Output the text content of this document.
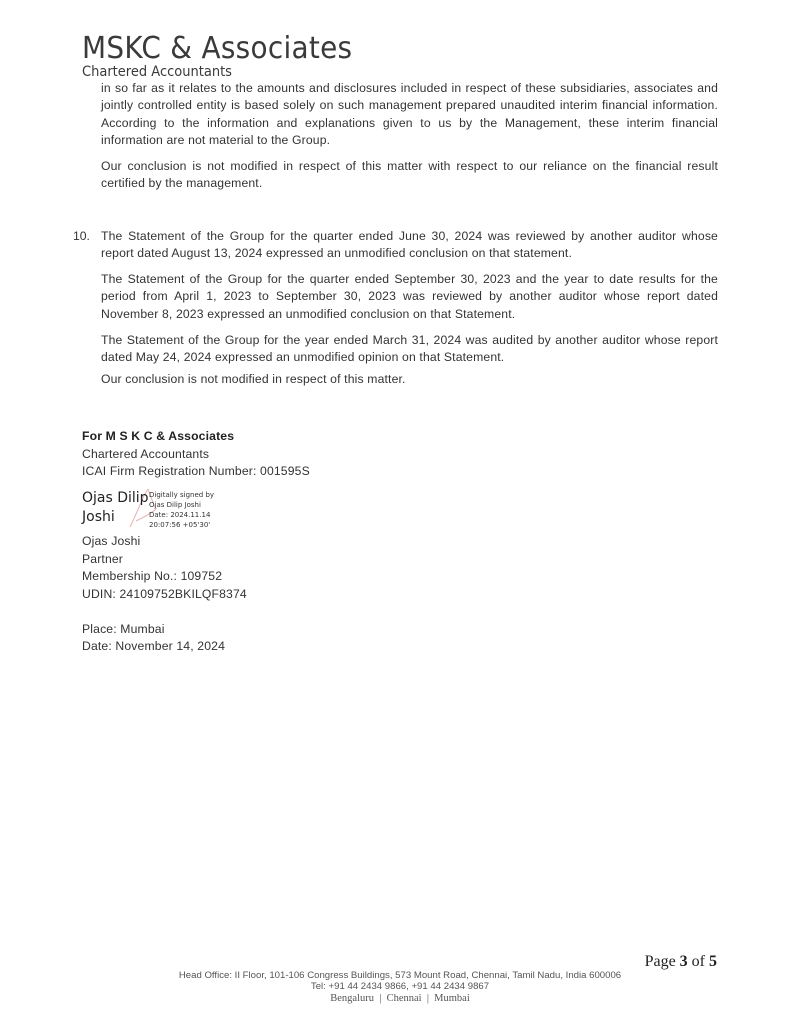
MSKC & Associates
Chartered Accountants

in so far as it relates to the amounts and disclosures included in respect of these subsidiaries, associates and jointly controlled entity is based solely on such management prepared unaudited interim financial information. According to the information and explanations given to us by the Management, these interim financial information are not material to the Group.

Our conclusion is not modified in respect of this matter with respect to our reliance on the financial result certified by the management.

10. The Statement of the Group for the quarter ended June 30, 2024 was reviewed by another auditor whose report dated August 13, 2024 expressed an unmodified conclusion on that statement.

The Statement of the Group for the quarter ended September 30, 2023 and the year to date results for the period from April 1, 2023 to September 30, 2023 was reviewed by another auditor whose report dated November 8, 2023 expressed an unmodified conclusion on that Statement.

The Statement of the Group for the year ended March 31, 2024 was audited by another auditor whose report dated May 24, 2024 expressed an unmodified opinion on that Statement.

Our conclusion is not modified in respect of this matter.

For M S K C & Associates
Chartered Accountants
ICAI Firm Registration Number: 001595S
Ojas Dilip
Joshi
Digitally signed by
Ojas Dilip Joshi
Date: 2024.11.14
20:07:56 +05'30'
Ojas Joshi
Partner
Membership No.: 109752
UDIN: 24109752BKILQF8374
Place: Mumbai
Date: November 14, 2024
Page 3 of 5
Head Office: II Floor, 101-106 Congress Buildings, 573 Mount Road, Chennai, Tamil Nadu, India 600006
Tel: +91 44 2434 9866, +91 44 2434 9867
Bengaluru  |  Chennai  |  Mumbai
